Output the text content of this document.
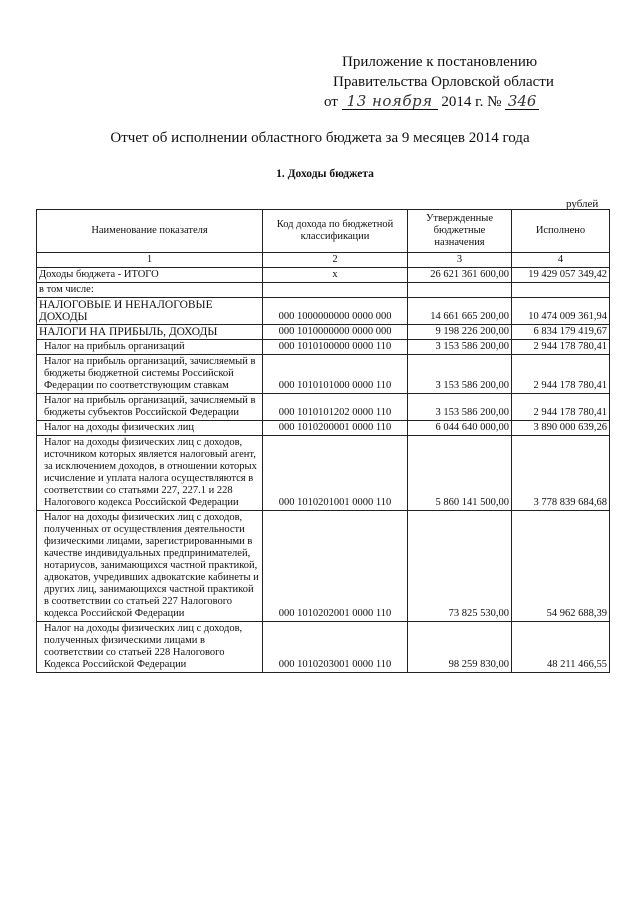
Приложение к постановлению
Правительства Орловской области
от 13 ноября 2014 г. № 346
Отчет об исполнении областного бюджета за 9 месяцев 2014 года
1. Доходы бюджета
рублей
Наименование показателя	Код дохода по бюджетной классификации	Утвержденные бюджетные назначения	Исполнено
1	2	3	4
Доходы бюджета - ИТОГО	x	26 621 361 600,00	19 429 057 349,42
в том числе:			
НАЛОГОВЫЕ И НЕНАЛОГОВЫЕ ДОХОДЫ	000 1000000000 0000 000	14 661 665 200,00	10 474 009 361,94
НАЛОГИ НА ПРИБЫЛЬ, ДОХОДЫ	000 1010000000 0000 000	9 198 226 200,00	6 834 179 419,67
Налог на прибыль организаций	000 1010100000 0000 110	3 153 586 200,00	2 944 178 780,41
Налог на прибыль организаций, зачисляемый в бюджеты бюджетной системы Российской Федерации по соответствующим ставкам	000 1010101000 0000 110	3 153 586 200,00	2 944 178 780,41
Налог на прибыль организаций, зачисляемый в бюджеты субъектов Российской Федерации	000 1010101202 0000 110	3 153 586 200,00	2 944 178 780,41
Налог на доходы физических лиц	000 1010200001 0000 110	6 044 640 000,00	3 890 000 639,26
Налог на доходы физических лиц с доходов, источником которых является налоговый агент, за исключением доходов, в отношении которых исчисление и уплата налога осуществляются в соответствии со статьями 227, 227.1 и 228 Налогового кодекса Российской Федерации	000 1010201001 0000 110	5 860 141 500,00	3 778 839 684,68
Налог на доходы физических лиц с доходов, полученных от осуществления деятельности физическими лицами, зарегистрированными в качестве индивидуальных предпринимателей, нотариусов, занимающихся частной практикой, адвокатов, учредивших адвокатские кабинеты и других лиц, занимающихся частной практикой в соответствии со статьей 227 Налогового кодекса Российской Федерации	000 1010202001 0000 110	73 825 530,00	54 962 688,39
Налог на доходы физических лиц с доходов, полученных физическими лицами в соответствии со статьей 228 Налогового Кодекса Российской Федерации	000 1010203001 0000 110	98 259 830,00	48 211 466,55
